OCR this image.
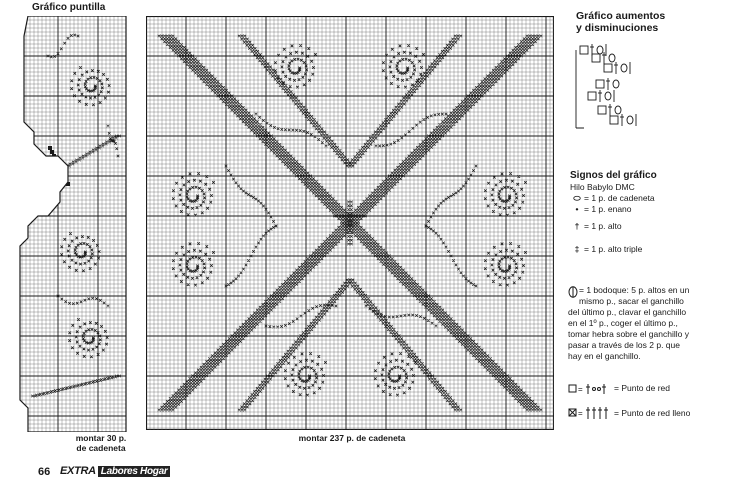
Gráfico puntilla
montar 30 p.
de cadeneta
montar 237 p. de cadeneta
Gráfico aumentos
y disminuciones
Signos del gráfico
Hilo Babylo DMC
⬭ = 1 p. de cadeneta
• = 1 p. enano
† = 1 p. alto
‡ = 1 p. alto triple
= 1 bodoque: 5 p. altos en un
mismo p., sacar el ganchillo
del último p., clavar el ganchillo
en el 1º p., coger el último p.,
tomar hebra sobre el ganchillo y
pasar a través de los 2 p. que
hay en el ganchillo.
=	= Punto de red
=	= Punto de red lleno
66 EXTRA Labores Hogar
